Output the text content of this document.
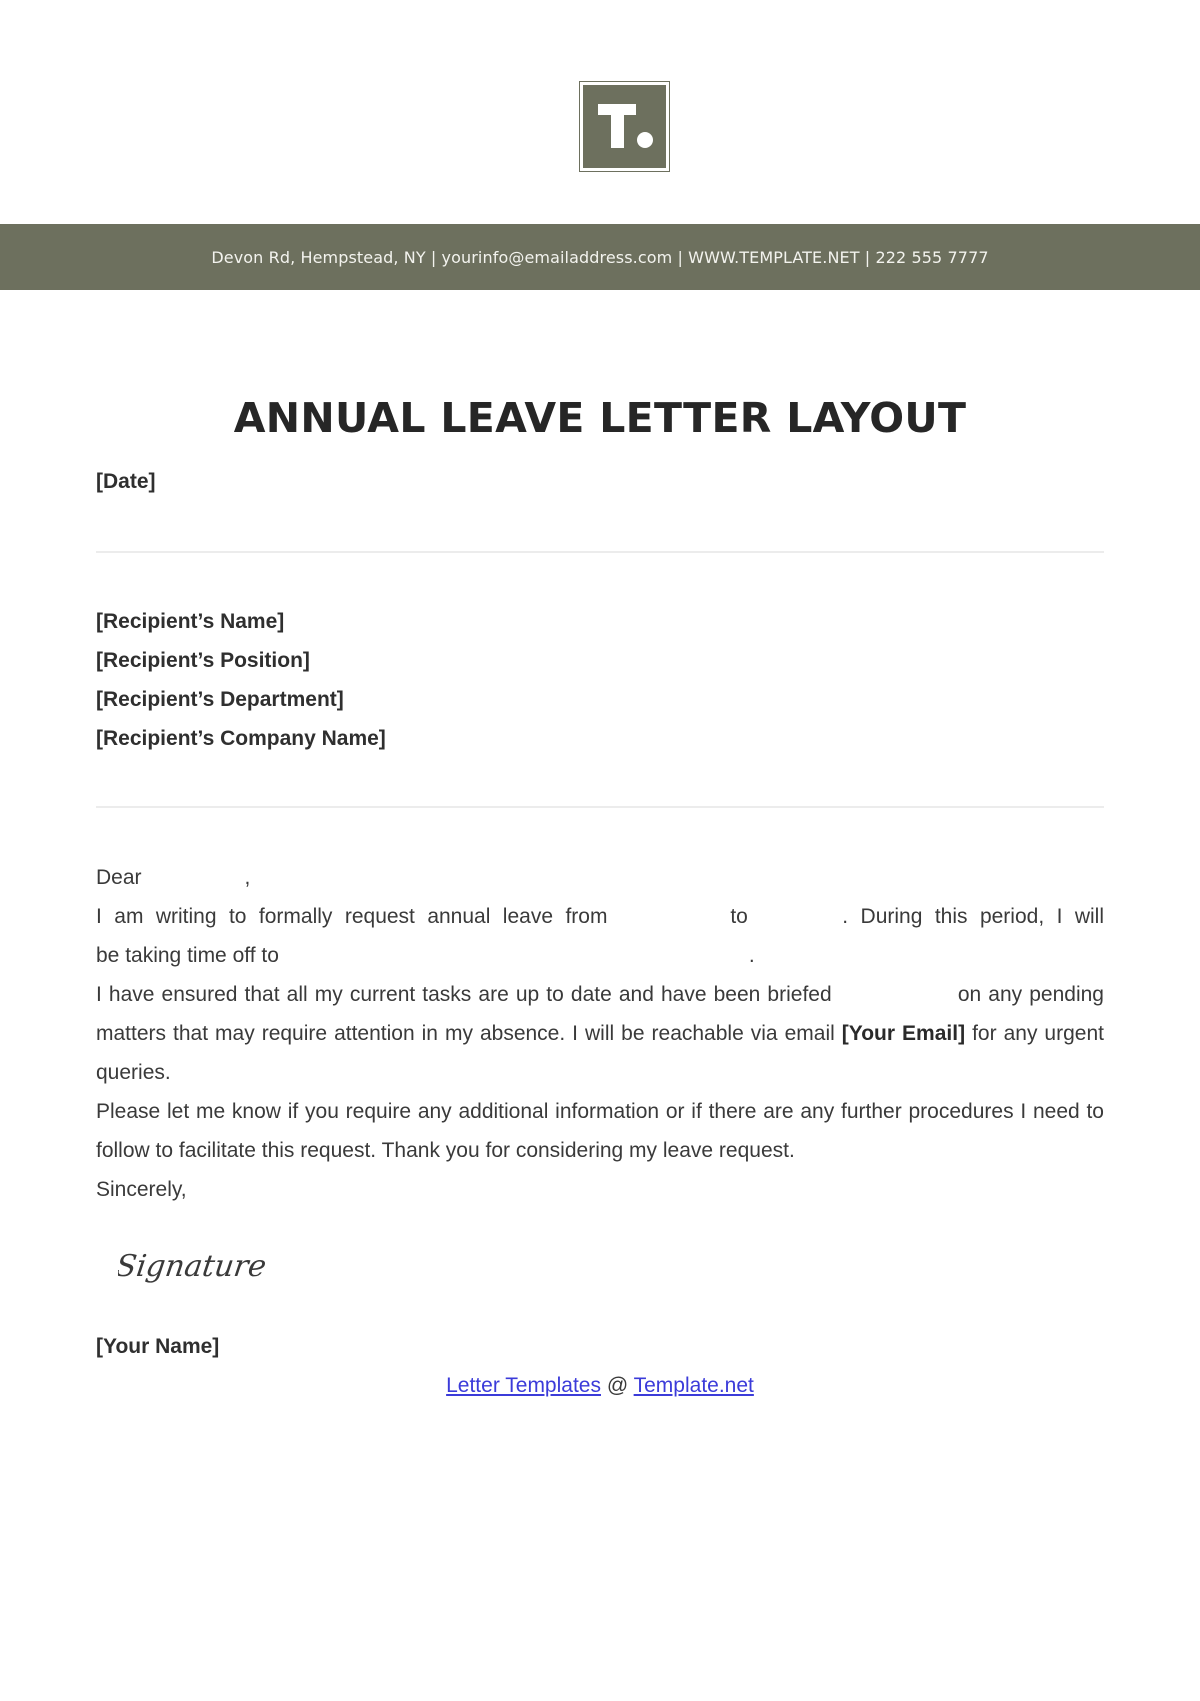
Devon Rd, Hempstead, NY | yourinfo@emailaddress.com | WWW.TEMPLATE.NET | 222 555 7777
ANNUAL LEAVE LETTER LAYOUT
[Date]
[Recipient’s Name]
[Recipient’s Position]
[Recipient’s Department]
[Recipient’s Company Name]

Dear	,

I am writing to formally request annual leave from	to	. During this period, I will

be taking time off to	.

I have ensured that all my current tasks are up to date and have been briefed	on any pending matters that may require attention in my absence. I will be reachable via email [Your Email] for any urgent queries.

Please let me know if you require any additional information or if there are any further procedures I need to follow to facilitate this request. Thank you for considering my leave request.

Sincerely,

Signature
[Your Name]
Letter Templates @ Template.net
